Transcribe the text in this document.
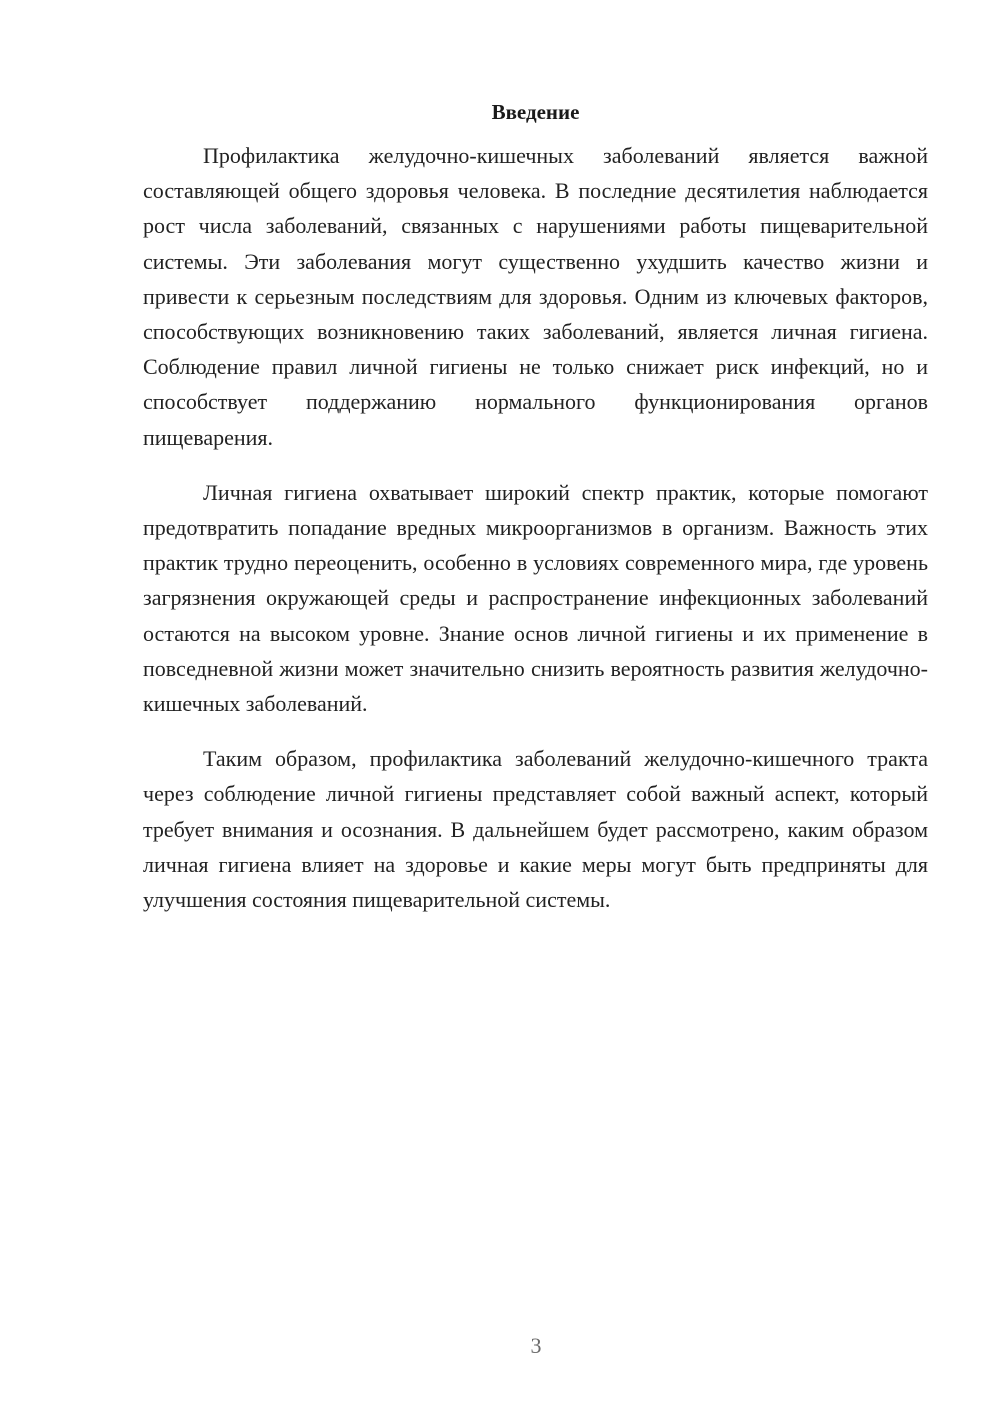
Введение

Профилактика желудочно-кишечных заболеваний является важной составляющей общего здоровья человека. В последние десятилетия наблюдается рост числа заболеваний, связанных с нарушениями работы пищеварительной системы. Эти заболевания могут существенно ухудшить качество жизни и привести к серьезным последствиям для здоровья. Одним из ключевых факторов, способствующих возникновению таких заболеваний, является личная гигиена. Соблюдение правил личной гигиены не только снижает риск инфекций, но и способствует поддержанию нормального функционирования органов пищеварения.

Личная гигиена охватывает широкий спектр практик, которые помогают предотвратить попадание вредных микроорганизмов в организм. Важность этих практик трудно переоценить, особенно в условиях современного мира, где уровень загрязнения окружающей среды и распространение инфекционных заболеваний остаются на высоком уровне. Знание основ личной гигиены и их применение в повседневной жизни может значительно снизить вероятность развития желудочно-кишечных заболеваний.

Таким образом, профилактика заболеваний желудочно-кишечного тракта через соблюдение личной гигиены представляет собой важный аспект, который требует внимания и осознания. В дальнейшем будет рассмотрено, каким образом личная гигиена влияет на здоровье и какие меры могут быть предприняты для улучшения состояния пищеварительной системы.

3
